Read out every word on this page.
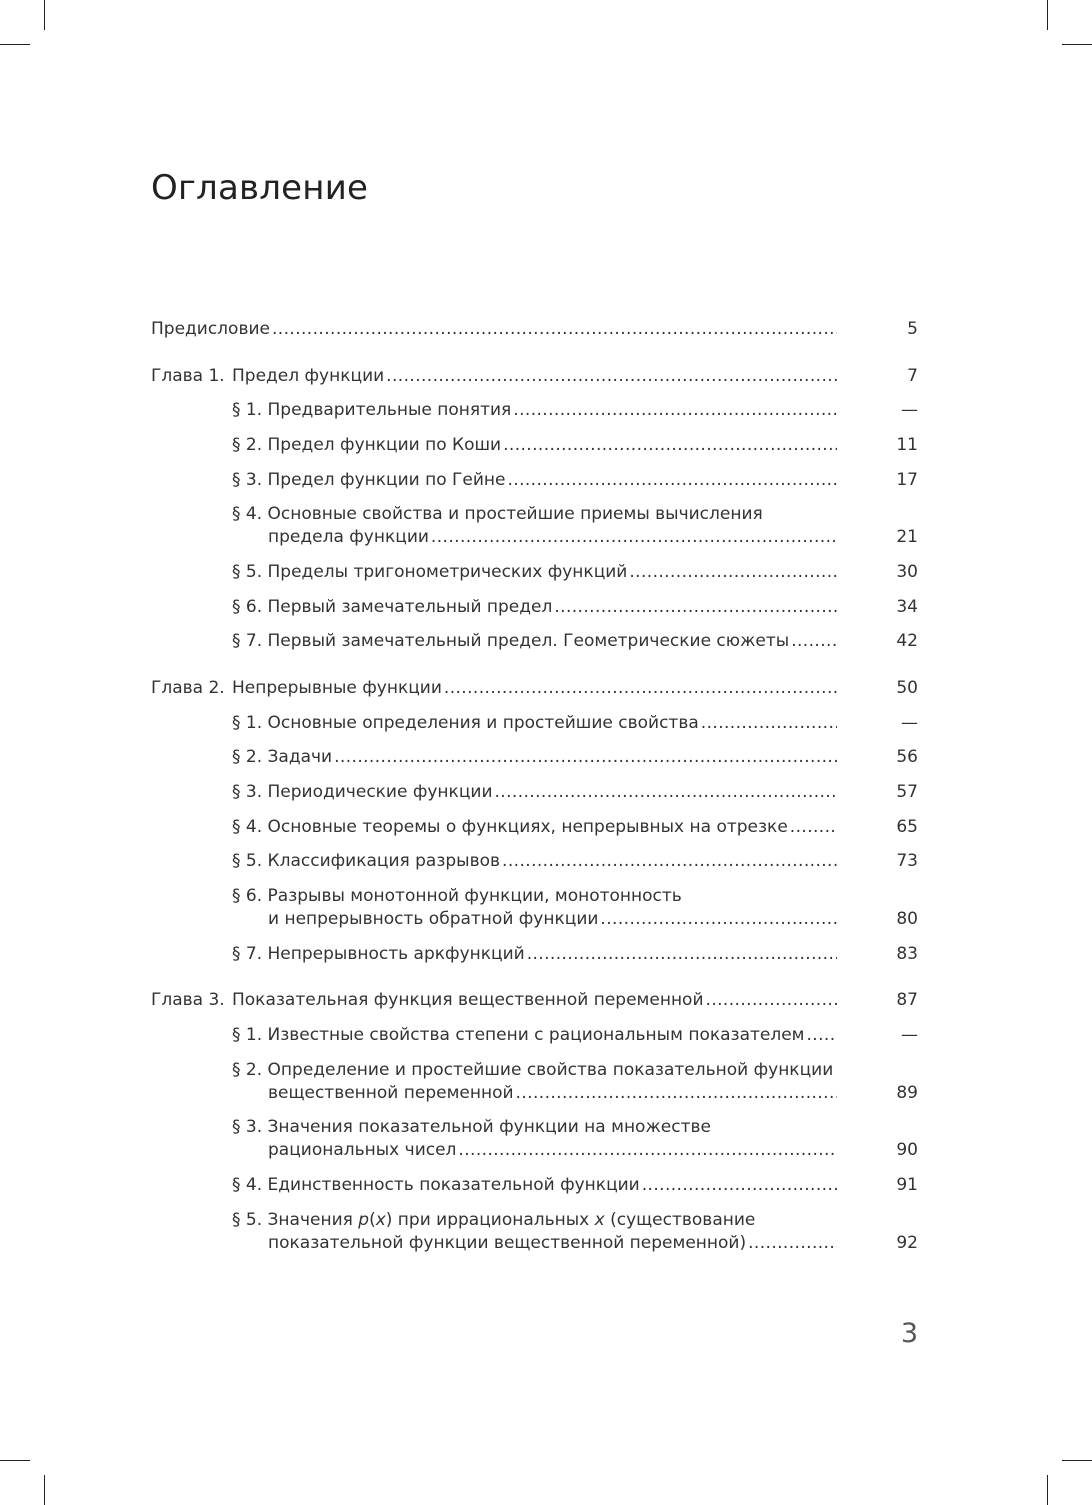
Оглавление
Предисловие .....	5
Глава 1. Предел функции .....	7
§ 1. Предварительные понятия .....	—
§ 2. Предел функции по Коши .....	11
§ 3. Предел функции по Гейне .....	17
§ 4. Основные свойства и простейшие приемы вычисления
предела функции .....	21
§ 5. Пределы тригонометрических функций .....	30
§ 6. Первый замечательный предел .....	34
§ 7. Первый замечательный предел. Геометрические сюжеты .....	42
Глава 2. Непрерывные функции .....	50
§ 1. Основные определения и простейшие свойства .....	—
§ 2. Задачи .....	56
§ 3. Периодические функции .....	57
§ 4. Основные теоремы о функциях, непрерывных на отрезке .....	65
§ 5. Классификация разрывов .....	73
§ 6. Разрывы монотонной функции, монотонность
и непрерывность обратной функции .....	80
§ 7. Непрерывность аркфункций .....	83
Глава 3. Показательная функция вещественной переменной .....	87
§ 1. Известные свойства степени с рациональным показателем .....	—
§ 2. Определение и простейшие свойства показательной функции
вещественной переменной .....	89
§ 3. Значения показательной функции на множестве
рациональных чисел .....	90
§ 4. Единственность показательной функции .....	91
§ 5. Значения p(x) при иррациональных x (существование
показательной функции вещественной переменной) .....	92
3
